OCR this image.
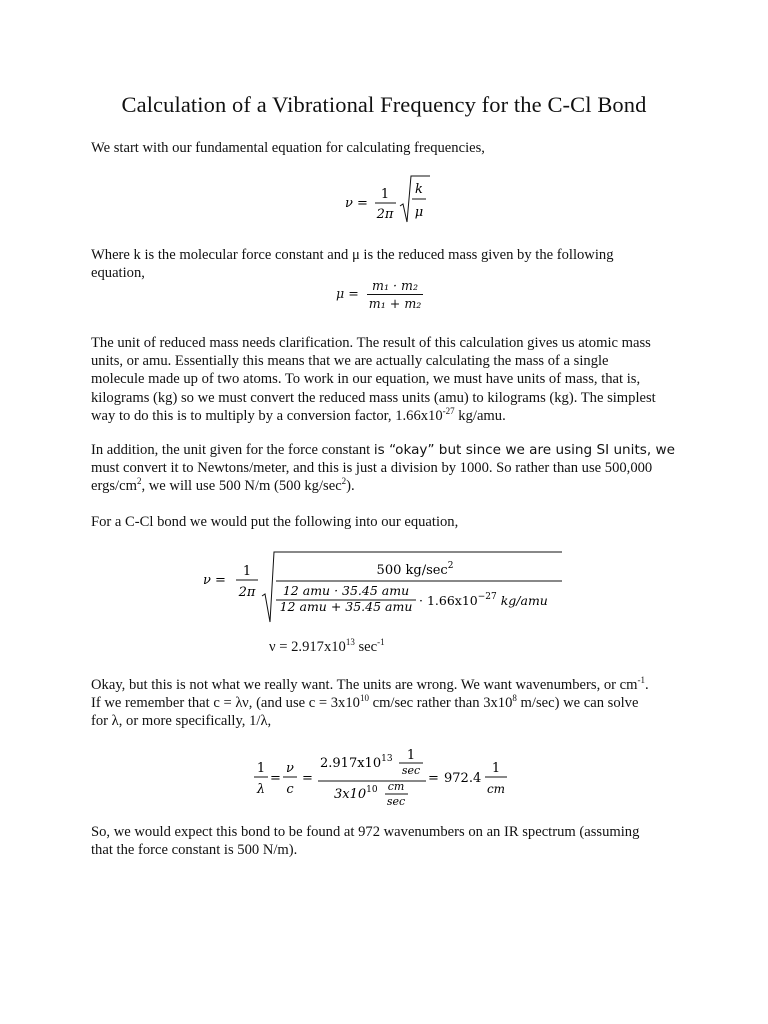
Calculation of a Vibrational Frequency for the C-Cl Bond

We start with our fundamental equation for calculating frequencies,

ν =
1
2π
k
μ

Where k is the molecular force constant and μ is the reduced mass given by the following

equation,

$\mu = \frac{\text{m₁ · m₂}}{\text{m₁ + m₂}}$

The unit of reduced mass needs clarification. The result of this calculation gives us atomic mass

units, or amu. Essentially this means that we are actually calculating the mass of a single

molecule made up of two atoms. To work in our equation, we must have units of mass, that is,

kilograms (kg) so we must convert the reduced mass units (amu) to kilograms (kg). The simplest

way to do this is to multiply by a conversion factor, $1.66x10^{-27}$ kg/amu.

In addition, the unit given for the force constant is “okay” but since we are using SI units, we

must convert it to Newtons/meter, and this is just a division by 1000. So rather than use 500,000

ergs/$cm^2$, we will use 500 N/m (500 $kg/\sec^2$).

For a C-Cl bond we would put the following into our equation,

ν =
1
2π
500 $kg/\sec^2$
12 amu · 35.45 amu
12 amu + 35.45 amu · $1.66x10^{-27}$ kg/amu

$\nu = 2.917x10^{13}$ $\sec^{-1}$

Okay, but this is not what we really want. The units are wrong. We want wavenumbers, or $cm^{-1}$.

If we remember that c = λν, (and use $c = 3x10^{10}$ cm/sec rather than $3x10^8$ m/sec) we can solve

for λ, or more specifically, 1/λ,

1
λ
=
ν
c
=
$2.917x10^{13}$ 1
sec
$3x10^{10}$ cm
sec
= 972.4
1
cm

So, we would expect this bond to be found at 972 wavenumbers on an IR spectrum (assuming

that the force constant is 500 N/m).
